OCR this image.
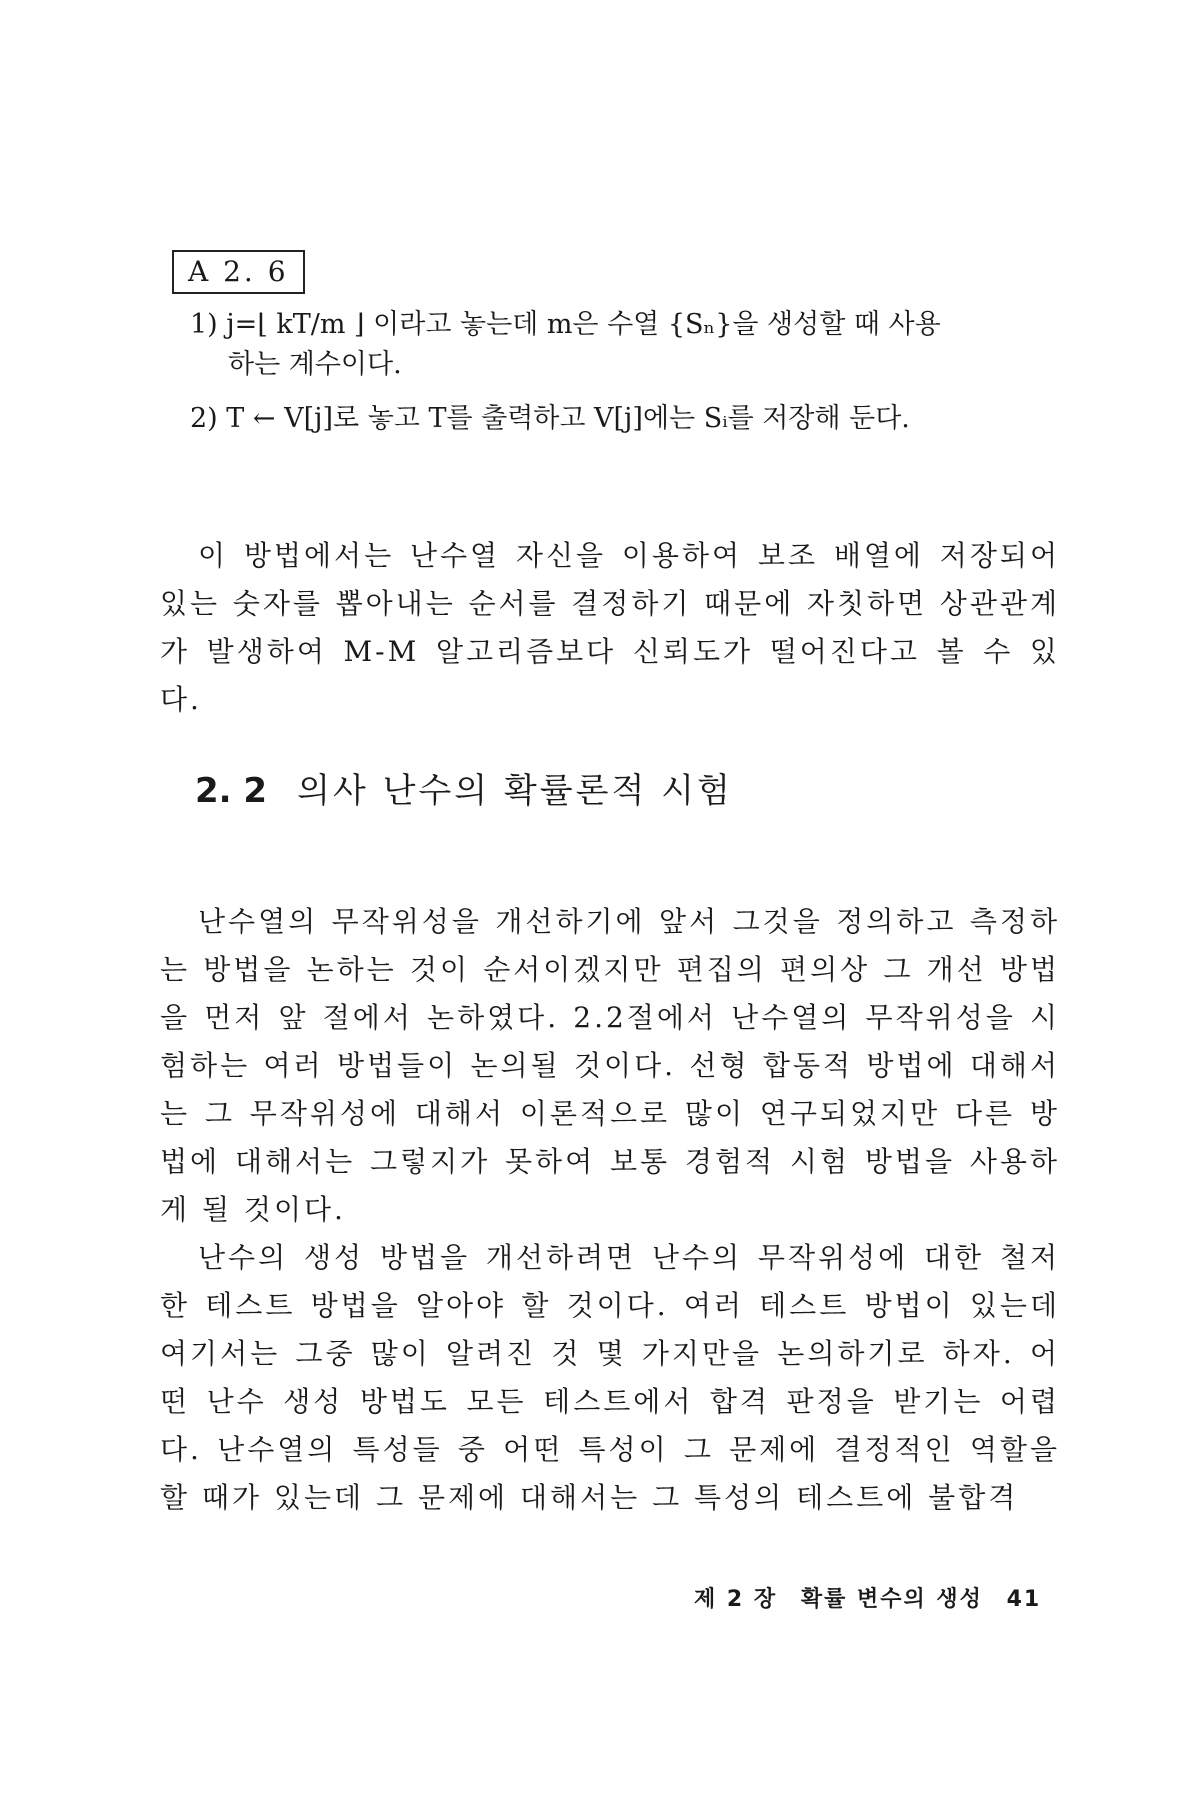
A 2. 6
1) j=⌊ kT/m ⌋ 이라고 놓는데 m은 수열 {Sₙ}을 생성할 때 사용
하는 계수이다.
2) T ← V[j]로 놓고 T를 출력하고 V[j]에는 Sᵢ를 저장해 둔다.

이 방법에서는 난수열 자신을 이용하여 보조 배열에 저장되어 있는 숫자를 뽑아내는 순서를 결정하기 때문에 자칫하면 상관관계가 발생하여 M-M 알고리즘보다 신뢰도가 떨어진다고 볼 수 있다.

2. 2 의사 난수의 확률론적 시험

난수열의 무작위성을 개선하기에 앞서 그것을 정의하고 측정하는 방법을 논하는 것이 순서이겠지만 편집의 편의상 그 개선 방법을 먼저 앞 절에서 논하였다. 2.2절에서 난수열의 무작위성을 시험하는 여러 방법들이 논의될 것이다. 선형 합동적 방법에 대해서는 그 무작위성에 대해서 이론적으로 많이 연구되었지만 다른 방법에 대해서는 그렇지가 못하여 보통 경험적 시험 방법을 사용하게 될 것이다.

난수의 생성 방법을 개선하려면 난수의 무작위성에 대한 철저한 테스트 방법을 알아야 할 것이다. 여러 테스트 방법이 있는데 여기서는 그중 많이 알려진 것 몇 가지만을 논의하기로 하자. 어떤 난수 생성 방법도 모든 테스트에서 합격 판정을 받기는 어렵다. 난수열의 특성들 중 어떤 특성이 그 문제에 결정적인 역할을 할 때가 있는데 그 문제에 대해서는 그 특성의 테스트에 불합격

제 2 장 확률 변수의 생성 41
